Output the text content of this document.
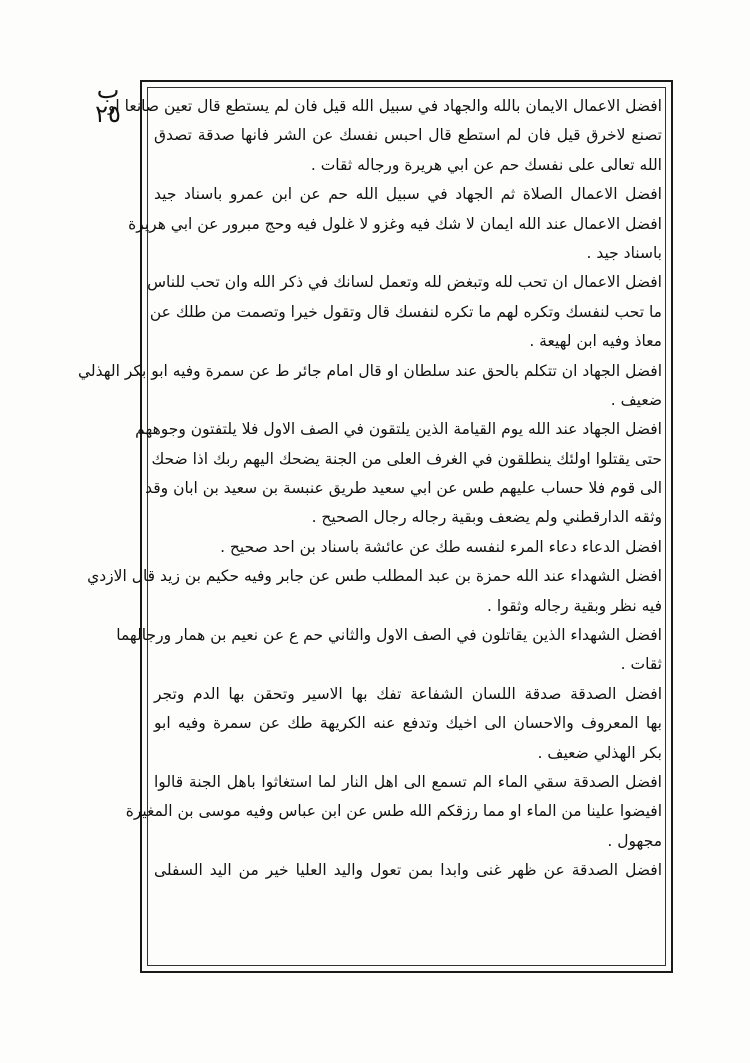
ب ٢٥
افضل الاعمال الايمان بالله والجهاد في سبيل الله قيل فان لم يستطع قال تعين صانعا او
تصنع لاخرق قيل فان لم استطع قال احبس نفسك عن الشر فانها صدقة تصدق
الله تعالى على نفسك حم عن ابي هريرة ورجاله ثقات .
افضل الاعمال الصلاة ثم الجهاد في سبيل الله حم عن ابن عمرو باسناد جيد
افضل الاعمال عند الله ايمان لا شك فيه وغزو لا غلول فيه وحج مبرور عن ابي هريرة
باسناد جيد .
افضل الاعمال ان تحب لله وتبغض لله وتعمل لسانك في ذكر الله وان تحب للناس
ما تحب لنفسك وتكره لهم ما تكره لنفسك قال وتقول خيرا وتصمت من طلك عن
معاذ وفيه ابن لهيعة .
افضل الجهاد ان تتكلم بالحق عند سلطان او قال امام جائر ط عن سمرة وفيه ابو بكر الهذلي
ضعيف .
افضل الجهاد عند الله يوم القيامة الذين يلتقون في الصف الاول فلا يلتفتون وجوههم
حتى يقتلوا اولئك ينطلقون في الغرف العلى من الجنة يضحك اليهم ربك اذا ضحك
الى قوم فلا حساب عليهم طس عن ابي سعيد طريق عنبسة بن سعيد بن ابان وقد
وثقه الدارقطني ولم يضعف وبقية رجاله رجال الصحيح .
افضل الدعاء دعاء المرء لنفسه طك عن عائشة باسناد بن احد صحيح .
افضل الشهداء عند الله حمزة بن عبد المطلب طس عن جابر وفيه حكيم بن زيد قال الازدي
فيه نظر وبقية رجاله وثقوا .
افضل الشهداء الذين يقاتلون في الصف الاول والثاني حم ع عن نعيم بن همار ورجالهما
ثقات .
افضل الصدقة صدقة اللسان الشفاعة تفك بها الاسير وتحقن بها الدم وتجر
بها المعروف والاحسان الى اخيك وتدفع عنه الكريهة طك عن سمرة وفيه ابو
بكر الهذلي ضعيف .
افضل الصدقة سقي الماء الم تسمع الى اهل النار لما استغاثوا باهل الجنة قالوا
افيضوا علينا من الماء او مما رزقكم الله طس عن ابن عباس وفيه موسى بن المغيرة
مجهول .
افضل الصدقة عن ظهر غنى وابدا بمن تعول واليد العليا خير من اليد السفلى
